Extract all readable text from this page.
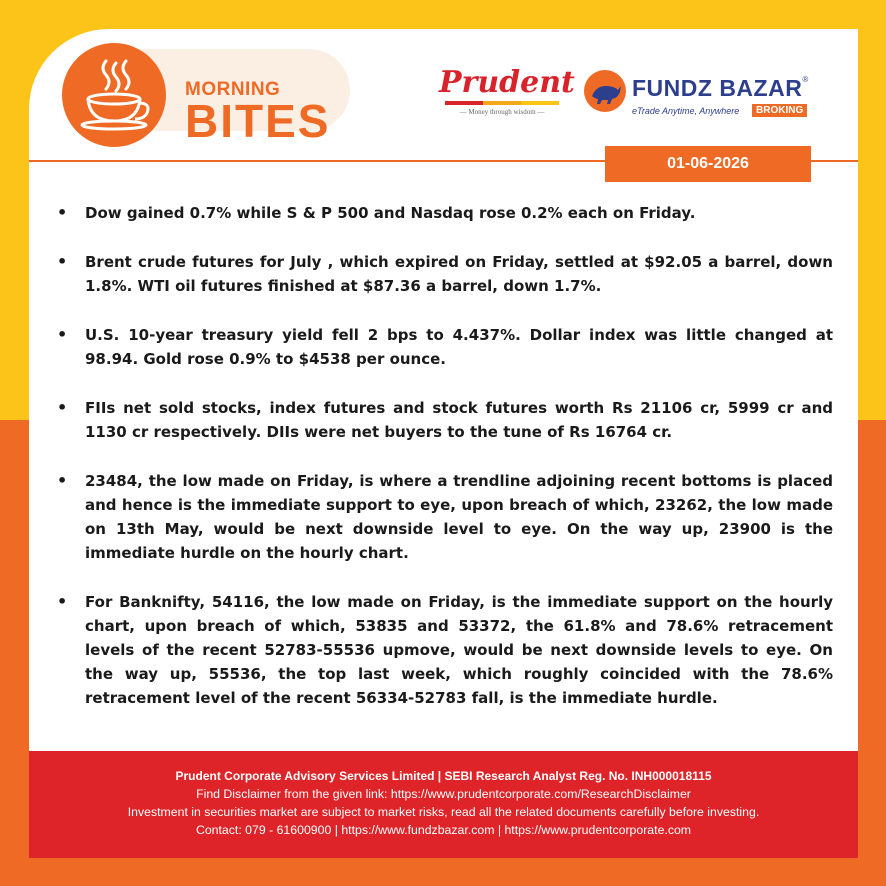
MORNING
BITES
Prudent
— Money through wisdom —
FUNDZ BAZAR®
eTrade Anytime, Anywhere	BROKING
01-06-2026
• Dow gained 0.7% while S & P 500 and Nasdaq rose 0.2% each on Friday.
• Brent crude futures for July , which expired on Friday, settled at $92.05 a barrel, down 1.8%. WTI oil futures finished at $87.36 a barrel, down 1.7%.
• U.S. 10-year treasury yield fell 2 bps to 4.437%. Dollar index was little changed at 98.94. Gold rose 0.9% to $4538 per ounce.
• FIIs net sold stocks, index futures and stock futures worth Rs 21106 cr, 5999 cr and 1130 cr respectively. DIIs were net buyers to the tune of Rs 16764 cr.
• 23484, the low made on Friday, is where a trendline adjoining recent bottoms is placed and hence is the immediate support to eye, upon breach of which, 23262, the low made on 13th May, would be next downside level to eye. On the way up, 23900 is the immediate hurdle on the hourly chart.
• For Banknifty, 54116, the low made on Friday, is the immediate support on the hourly chart, upon breach of which, 53835 and 53372, the 61.8% and 78.6% retracement levels of the recent 52783-55536 upmove, would be next downside levels to eye. On the way up, 55536, the top last week, which roughly coincided with the 78.6% retracement level of the recent 56334-52783 fall, is the immediate hurdle.
Prudent Corporate Advisory Services Limited | SEBI Research Analyst Reg. No. INH000018115
Find Disclaimer from the given link: https://www.prudentcorporate.com/ResearchDisclaimer
Investment in securities market are subject to market risks, read all the related documents carefully before investing.
Contact: 079 - 61600900 | https://www.fundzbazar.com | https://www.prudentcorporate.com
